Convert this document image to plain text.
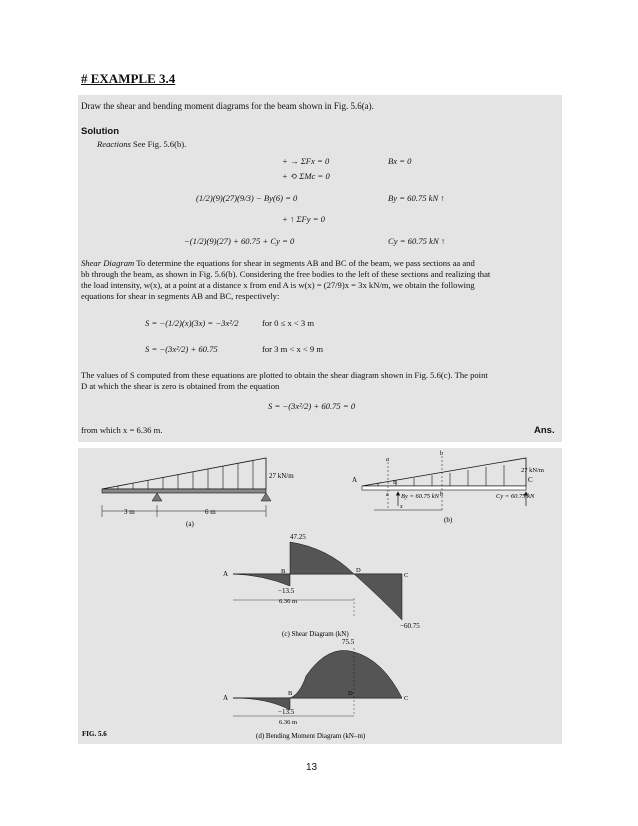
# EXAMPLE 3.4
Draw the shear and bending moment diagrams for the beam shown in Fig. 5.6(a).
Solution
Reactions See Fig. 5.6(b).
+ → ΣFx = 0	Bx = 0
+ ⟲ ΣMc = 0
(1/2)(9)(27)(9/3) − By(6) = 0	By = 60.75 kN ↑
+ ↑ ΣFy = 0
−(1/2)(9)(27) + 60.75 + Cy = 0	Cy = 60.75 kN ↑
Shear Diagram To determine the equations for shear in segments AB and BC of the beam, we pass sections aa and
bb through the beam, as shown in Fig. 5.6(b). Considering the free bodies to the left of these sections and realizing that
the load intensity, w(x), at a point at a distance x from end A is w(x) = (27/9)x = 3x kN/m, we obtain the following
equations for shear in segments AB and BC, respectively:
S = −(1/2)(x)(3x) = −3x²/2	for 0 ≤ x < 3 m
S = −(3x²/2) + 60.75	for 3 m < x < 9 m
The values of S computed from these equations are plotted to obtain the shear diagram shown in Fig. 5.6(c). The point
D at which the shear is zero is obtained from the equation
S = −(3x²/2) + 60.75 = 0
from which x = 6.36 m.	Ans.
27 kN/m
3 m	6 m
(a)
a
a
b
b
A	B	C
By = 60.75 kN	Cy = 60.75 kN
27 kN/m
x
(b)
A	B	D
C
47.25
−13.5
6.36 m
−60.75
(c) Shear Diagram (kN)
A
B	D
C
75.5
−13.5
6.36 m
(d) Bending Moment Diagram (kN–m)
FIG. 5.6
13
